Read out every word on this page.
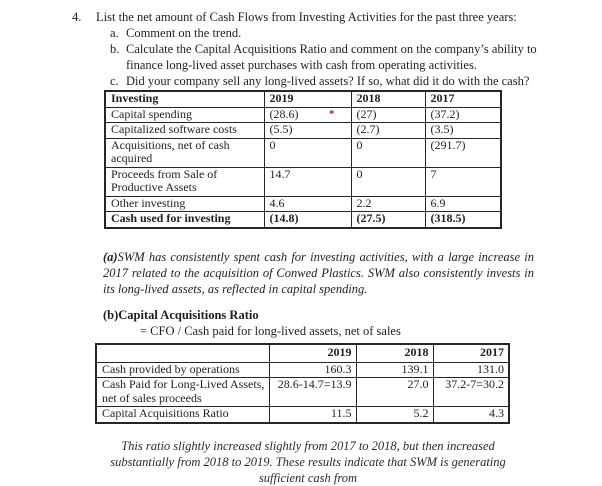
4.	List the net amount of Cash Flows from Investing Activities for the past three years:
a. Comment on the trend.
b. Calculate the Capital Acquisitions Ratio and comment on the company’s ability to finance long-lived asset purchases with cash from operating activities.
c. Did your company sell any long-lived assets? If so, what did it do with the cash?
Investing	2019	2018	2017
Capital spending	(28.6) *	(27)	(37.2)
Capitalized software costs	(5.5)	(2.7)	(3.5)
Acquisitions, net of cash acquired	0	0	(291.7)
Proceeds from Sale of Productive Assets	14.7	0	7
Other investing	4.6	2.2	6.9
Cash used for investing	(14.8)	(27.5)	(318.5)
(a)SWM has consistently spent cash for investing activities, with a large increase in 2017 related to the acquisition of Conwed Plastics. SWM also consistently invests in its long-lived assets, as reflected in capital spending.
(b)Capital Acquisitions Ratio
= CFO / Cash paid for long-lived assets, net of sales
	2019	2018	2017
Cash provided by operations	160.3	139.1	131.0
Cash Paid for Long-Lived Assets, net of sales proceeds	28.6-14.7=13.9	27.0	37.2-7=30.2
Capital Acquisitions Ratio	11.5	5.2	4.3
This ratio slightly increased slightly from 2017 to 2018, but then increased substantially from 2018 to 2019. These results indicate that SWM is generating sufficient cash from
